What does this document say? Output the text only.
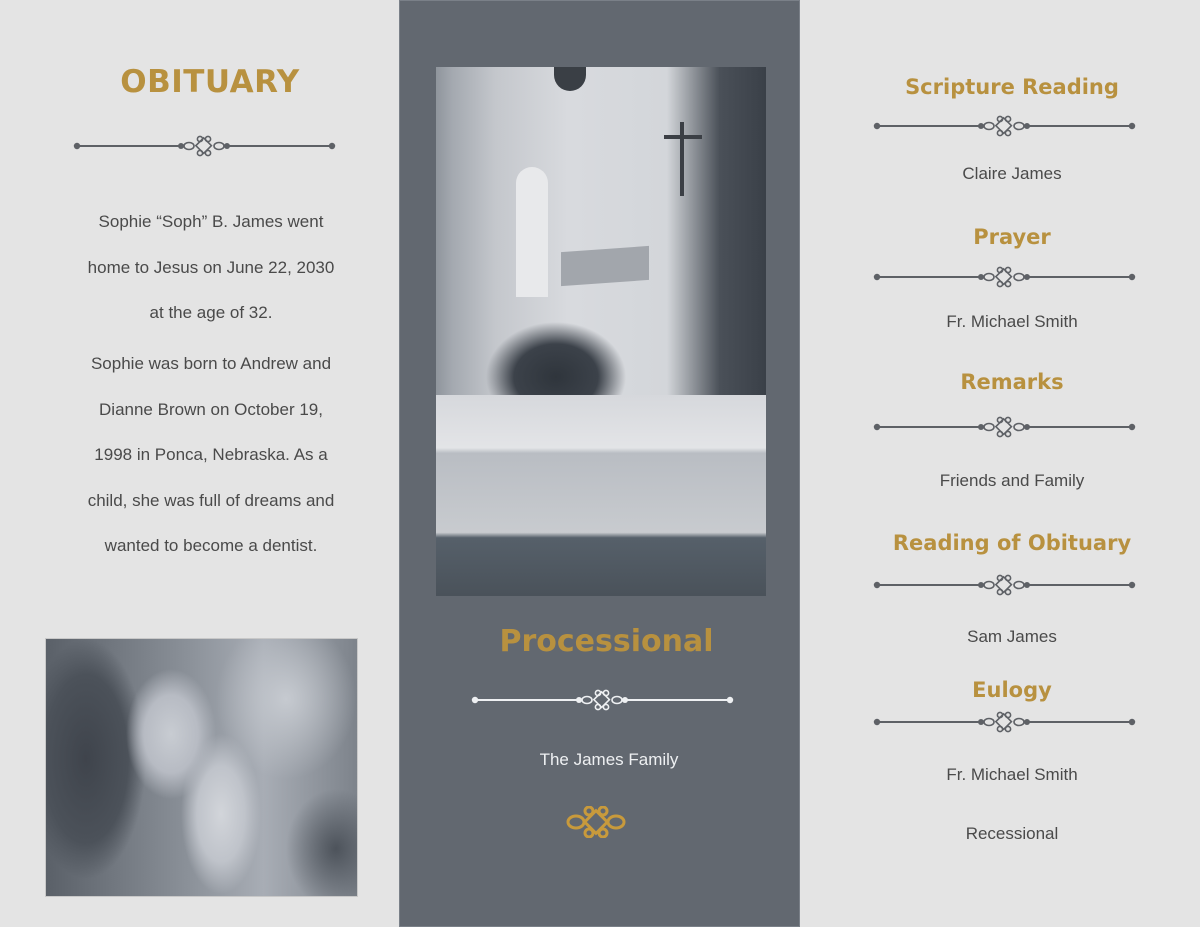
OBITUARY
Sophie “Soph” B. James went
home to Jesus on June 22, 2030
at the age of 32.
Sophie was born to Andrew and
Dianne Brown on October 19,
1998 in Ponca, Nebraska. As a
child, she was full of dreams and
wanted to become a dentist.
Processional
The James Family
Scripture Reading
Claire James
Prayer
Fr. Michael Smith
Remarks
Friends and Family
Reading of Obituary
Sam James
Eulogy
Fr. Michael Smith
Recessional
